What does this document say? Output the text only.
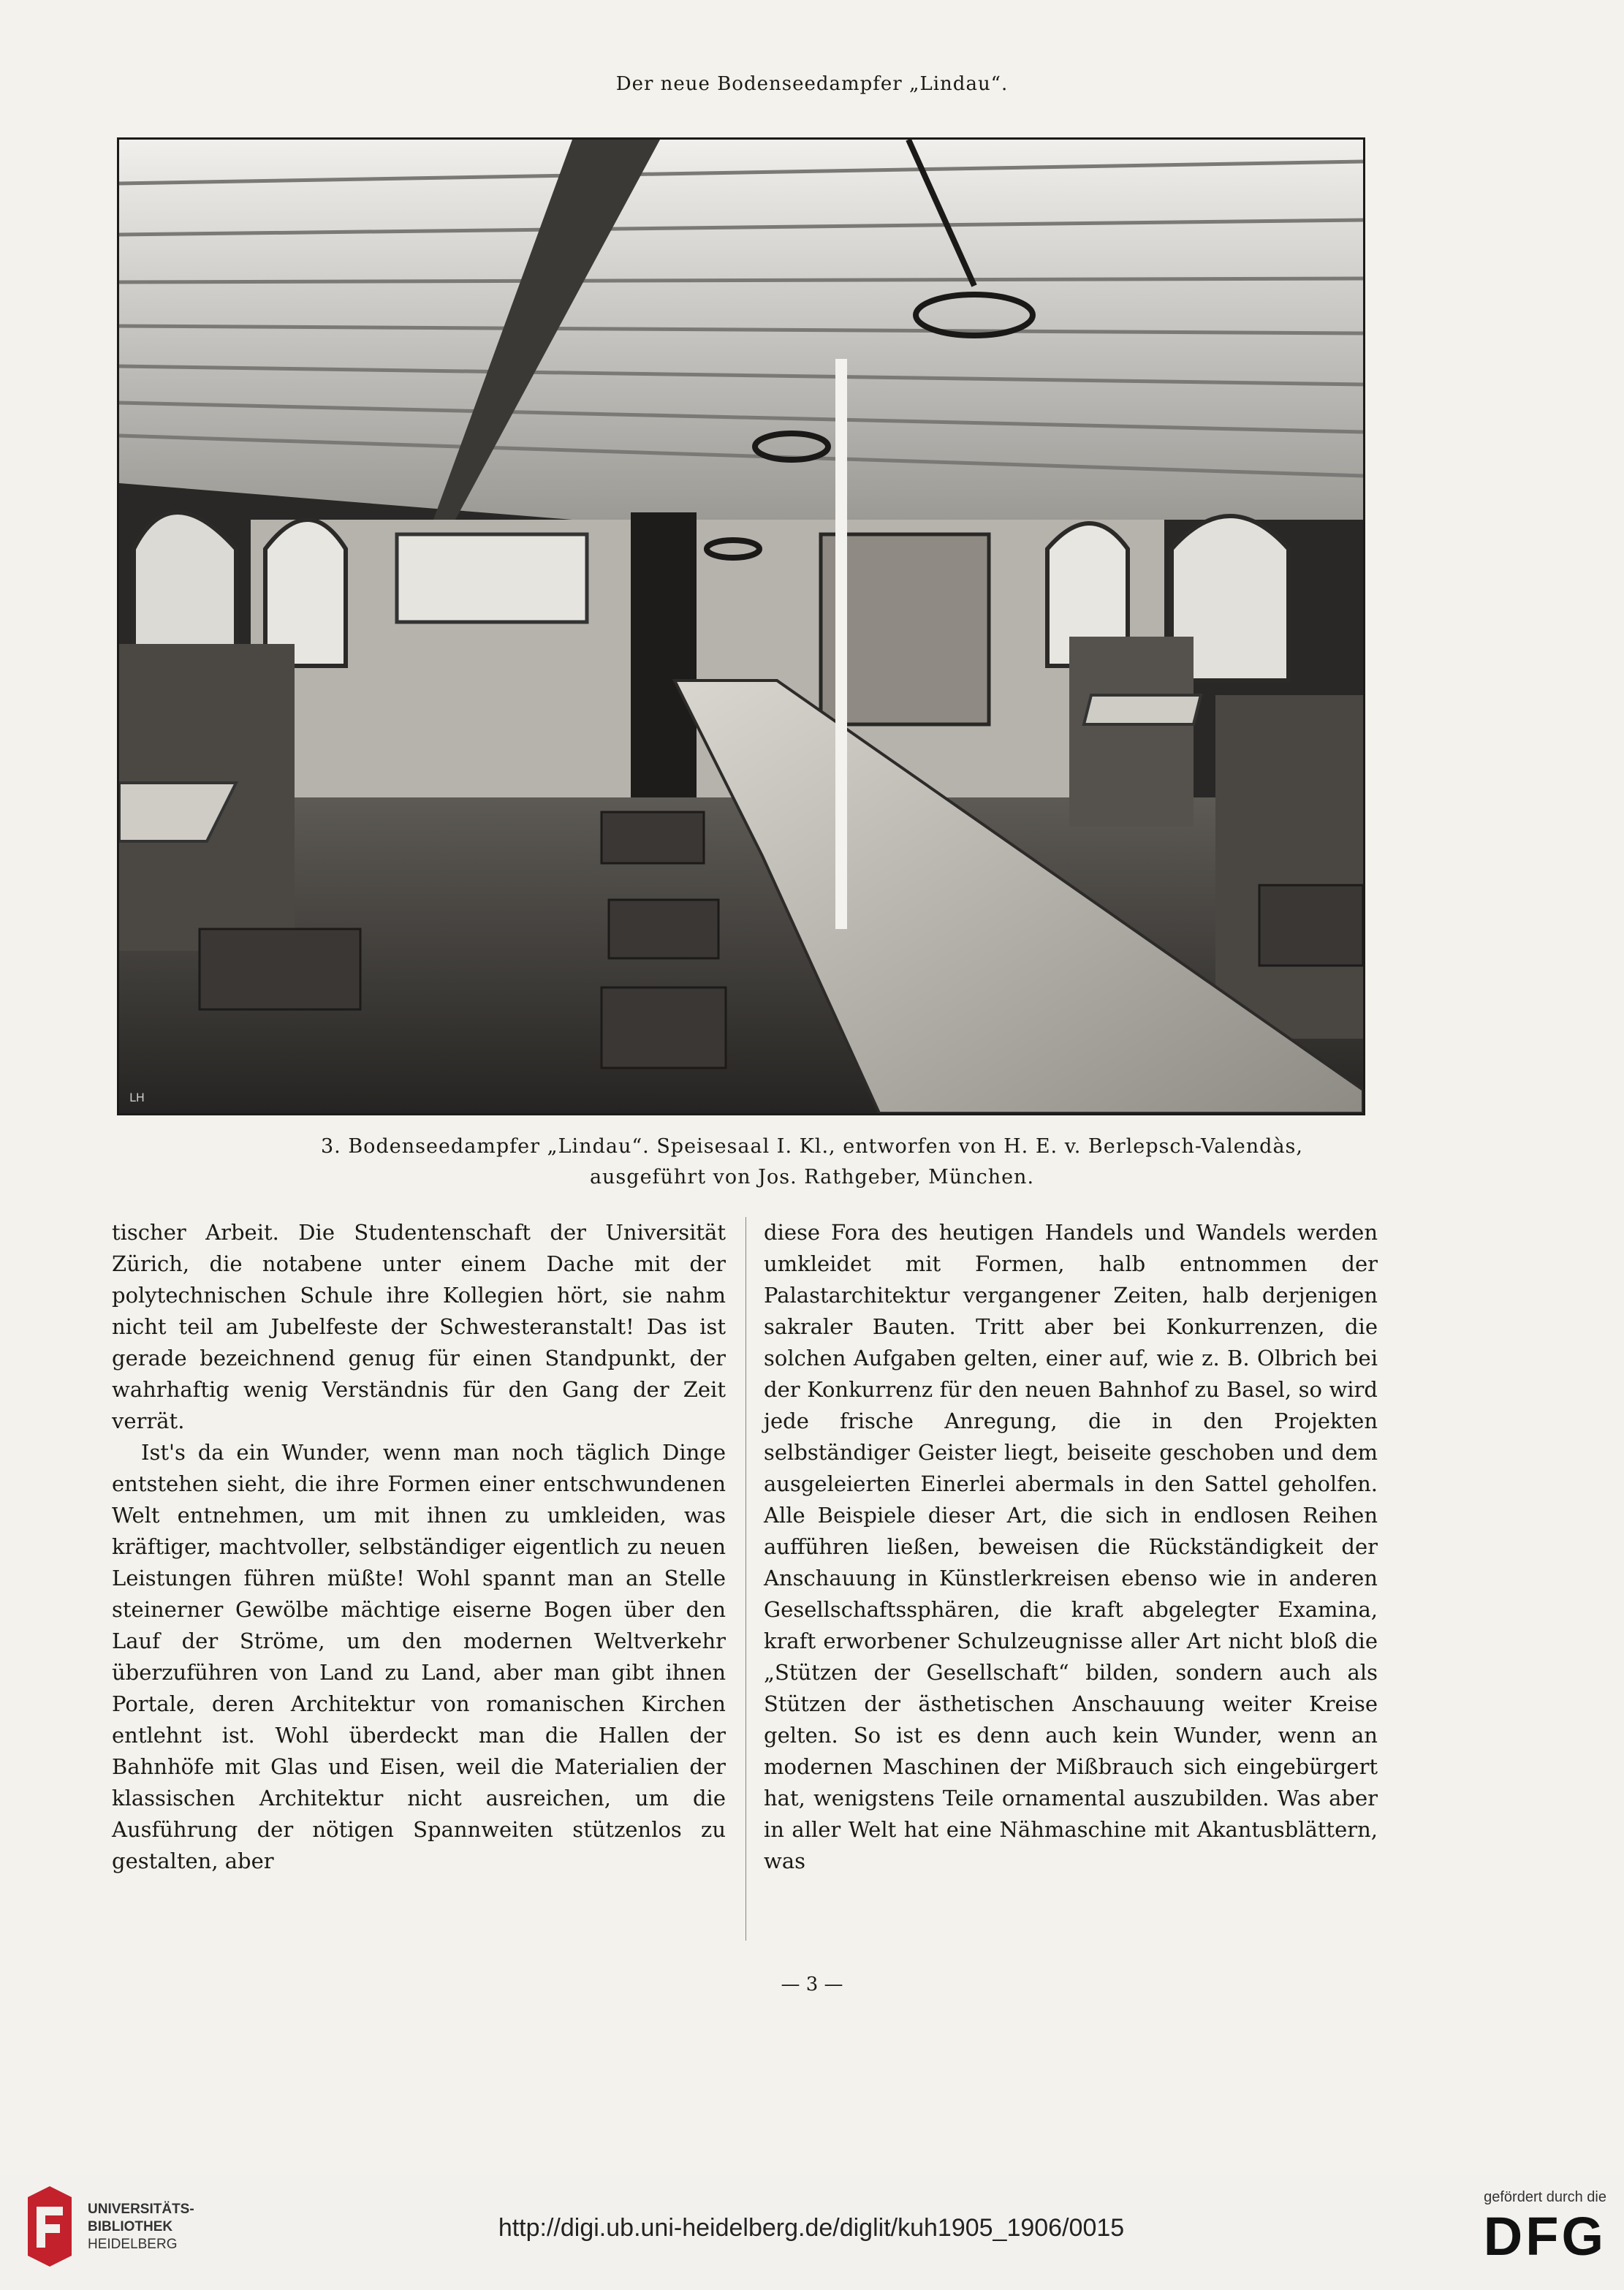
Der neue Bodenseedampfer „Lindau“.
LH
3. Bodenseedampfer „Lindau“. Speisesaal I. Kl., entworfen von H. E. v. Berlepsch-Valendàs,
ausgeführt von Jos. Rathgeber, München.

tischer Arbeit. Die Studentenschaft der Universität Zürich, die notabene unter einem Dache mit der polytechnischen Schule ihre Kollegien hört, sie nahm nicht teil am Jubelfeste der Schwesteranstalt! Das ist gerade bezeichnend genug für einen Standpunkt, der wahrhaftig wenig Verständnis für den Gang der Zeit verrät.

Ist's da ein Wunder, wenn man noch täglich Dinge entstehen sieht, die ihre Formen einer entschwundenen Welt entnehmen, um mit ihnen zu umkleiden, was kräftiger, machtvoller, selbständiger eigentlich zu neuen Leistungen führen müßte! Wohl spannt man an Stelle steinerner Gewölbe mächtige eiserne Bogen über den Lauf der Ströme, um den modernen Weltverkehr überzuführen von Land zu Land, aber man gibt ihnen Portale, deren Architektur von romanischen Kirchen entlehnt ist. Wohl überdeckt man die Hallen der Bahnhöfe mit Glas und Eisen, weil die Materialien der klassischen Architektur nicht ausreichen, um die Ausführung der nötigen Spannweiten stützenlos zu gestalten, aber

diese Fora des heutigen Handels und Wandels werden umkleidet mit Formen, halb entnommen der Palastarchitektur vergangener Zeiten, halb derjenigen sakraler Bauten. Tritt aber bei Konkurrenzen, die solchen Aufgaben gelten, einer auf, wie z. B. Olbrich bei der Konkurrenz für den neuen Bahnhof zu Basel, so wird jede frische Anregung, die in den Projekten selbständiger Geister liegt, beiseite geschoben und dem ausgeleierten Einerlei abermals in den Sattel geholfen. Alle Beispiele dieser Art, die sich in endlosen Reihen aufführen ließen, beweisen die Rückständigkeit der Anschauung in Künstlerkreisen ebenso wie in anderen Gesellschaftssphären, die kraft abgelegter Examina, kraft erworbener Schulzeugnisse aller Art nicht bloß die „Stützen der Gesellschaft“ bilden, sondern auch als Stützen der ästhetischen Anschauung weiter Kreise gelten. So ist es denn auch kein Wunder, wenn an modernen Maschinen der Mißbrauch sich eingebürgert hat, wenigstens Teile ornamental auszubilden. Was aber in aller Welt hat eine Nähmaschine mit Akantusblättern, was

— 3 —
UNIVERSITÄTS-
BIBLIOTHEK
HEIDELBERG
http://digi.ub.uni-heidelberg.de/diglit/kuh1905_1906/0015
gefördert durch die
DFG
